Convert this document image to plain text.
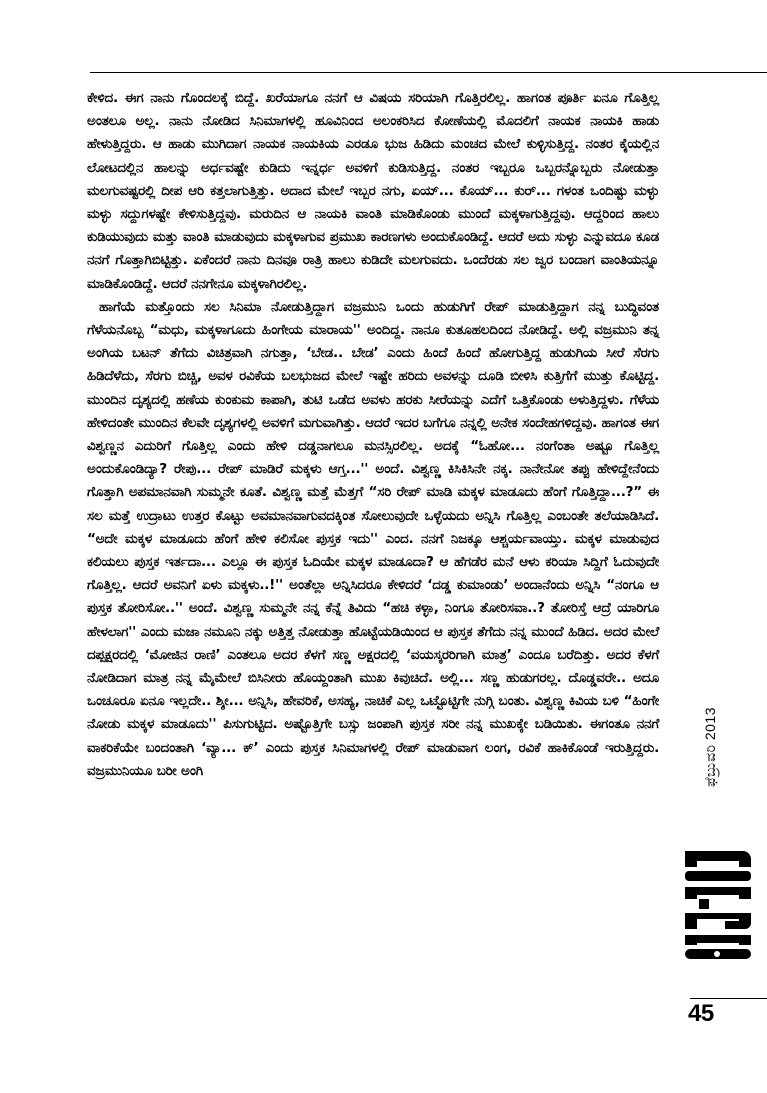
ಕೇಳಿದ. ಈಗ ನಾನು ಗೊಂದಲಕ್ಕೆ ಬಿದ್ದೆ. ಖರೆಯಾಗೂ ನನಗೆ ಆ ವಿಷಯ ಸರಿಯಾಗಿ ಗೊತ್ತಿರಲಿಲ್ಲ. ಹಾಗಂತ ಪೂರ್ತಿ ಏನೂ ಗೊತ್ತಿಲ್ಲ ಅಂತಲೂ ಅಲ್ಲ. ನಾನು ನೋಡಿದ ಸಿನಿಮಾಗಳಲ್ಲಿ ಹೂವಿನಿಂದ ಅಲಂಕರಿಸಿದ ಕೋಣೆಯಲ್ಲಿ ಮೊದಲಿಗೆ ನಾಯಕ ನಾಯಕಿ ಹಾಡು ಹೇಳುತ್ತಿದ್ದರು. ಆ ಹಾಡು ಮುಗಿದಾಗ ನಾಯಕ ನಾಯಕಿಯ ಎರಡೂ ಭುಜ ಹಿಡಿದು ಮಂಚದ ಮೇಲೆ ಕುಳ್ಳಿಸುತ್ತಿದ್ದ. ನಂತರ ಕೈಯಲ್ಲಿನ ಲೋಟದಲ್ಲಿನ ಹಾಲನ್ನು ಅರ್ಧವಷ್ಟೇ ಕುಡಿದು ಇನ್ನರ್ಧ ಅವಳಿಗೆ ಕುಡಿಸುತ್ತಿದ್ದ. ನಂತರ ಇಬ್ಬರೂ ಒಬ್ಬರನ್ನೊಬ್ಬರು ನೋಡುತ್ತಾ ಮಲಗುವಷ್ಟರಲ್ಲಿ ದೀಪ ಆರಿ ಕತ್ತಲಾಗುತ್ತಿತ್ತು. ಅದಾದ ಮೇಲೆ ಇಬ್ಬರ ನಗು, ಏಯ್... ಕೊಯ್... ಕುರ್... ಗಳಂತ ಒಂದಿಷ್ಟು ಮಳ್ಳು ಮಳ್ಳು ಸದ್ದುಗಳಷ್ಟೇ ಕೇಳಿಸುತ್ತಿದ್ದವು. ಮರುದಿನ ಆ ನಾಯಕಿ ವಾಂತಿ ಮಾಡಿಕೊಂಡು ಮುಂದೆ ಮಕ್ಕಳಾಗುತ್ತಿದ್ದವು. ಆದ್ದರಿಂದ ಹಾಲು ಕುಡಿಯುವುದು ಮತ್ತು ವಾಂತಿ ಮಾಡುವುದು ಮಕ್ಕಳಾಗುವ ಪ್ರಮುಖ ಕಾರಣಗಳು ಅಂದುಕೊಂಡಿದ್ದೆ. ಆದರೆ ಅದು ಸುಳ್ಳು ಎನ್ನುವದೂ ಕೂಡ ನನಗೆ ಗೊತ್ತಾಗಿಬಿಟ್ಟಿತ್ತು. ಏಕೆಂದರೆ ನಾನು ದಿನವೂ ರಾತ್ರಿ ಹಾಲು ಕುಡಿದೇ ಮಲಗುವದು. ಒಂದೆರಡು ಸಲ ಜ್ವರ ಬಂದಾಗ ವಾಂತಿಯನ್ನೂ ಮಾಡಿಕೊಂಡಿದ್ದೆ. ಆದರೆ ನನಗೇನೂ ಮಕ್ಕಳಾಗಿರಲಿಲ್ಲ.

ಹಾಗೆಯೆ ಮತ್ತೊಂದು ಸಲ ಸಿನಿಮಾ ನೋಡುತ್ತಿದ್ದಾಗ ವಜ್ರಮುನಿ ಒಂದು ಹುಡುಗಿಗೆ ರೇಪ್ ಮಾಡುತ್ತಿದ್ದಾಗ ನನ್ನ ಬುದ್ಧಿವಂತ ಗೆಳೆಯನೊಬ್ಬ “ಮಧು, ಮಕ್ಕಳಾಗೂದು ಹಿಂಗೇಯ ಮಾರಾಯ'' ಅಂದಿದ್ದ. ನಾನೂ ಕುತೂಹಲದಿಂದ ನೋಡಿದ್ದೆ. ಅಲ್ಲಿ ವಜ್ರಮುನಿ ತನ್ನ ಅಂಗಿಯ ಬಟನ್ ತೆಗೆದು ವಿಚಿತ್ರವಾಗಿ ನಗುತ್ತಾ, ‘ಬೇಡ.. ಬೇಡ’ ಎಂದು ಹಿಂದೆ ಹಿಂದೆ ಹೋಗುತ್ತಿದ್ದ ಹುಡುಗಿಯ ಸೀರೆ ಸೆರಗು ಹಿಡಿದೆಳೆದು, ಸೆರಗು ಬಿಚ್ಚಿ, ಅವಳ ರವಿಕೆಯ ಬಲಭುಜದ ಮೇಲೆ ಇಷ್ಟೇ ಹರಿದು ಅವಳನ್ನು ದೂಡಿ ಬೀಳಿಸಿ ಕುತ್ತಿಗೆಗೆ ಮುತ್ತು ಕೊಟ್ಟಿದ್ದ. ಮುಂದಿನ ದೃಶ್ಯದಲ್ಲಿ ಹಣೆಯ ಕುಂಕುಮ ಕಾಪಾಗಿ, ತುಟಿ ಒಡೆದ ಅವಳು ಹರಕು ಸೀರೆಯನ್ನು ಎದೆಗೆ ಒತ್ತಿಕೊಂಡು ಅಳುತ್ತಿದ್ದಳು. ಗೆಳೆಯ ಹೇಳಿದಂತೇ ಮುಂದಿನ ಕೆಲವೇ ದೃಶ್ಯಗಳಲ್ಲಿ ಅವಳಿಗೆ ಮಗುವಾಗಿತ್ತು. ಆದರೆ ಇದರ ಬಗೆಗೂ ನನ್ನಲ್ಲಿ ಅನೇಕ ಸಂದೇಹಗಳಿದ್ದವು. ಹಾಗಂತ ಈಗ ವಿಶ್ವಣ್ಣನ ಎದುರಿಗೆ ಗೊತ್ತಿಲ್ಲ ಎಂದು ಹೇಳಿ ದಡ್ಡನಾಗಲೂ ಮನಸ್ಸಿರಲಿಲ್ಲ. ಅದಕ್ಕೆ “ಓಹೋ... ನಂಗೆಂತಾ ಅಷ್ಟೂ ಗೊತ್ತಿಲ್ಲ ಅಂದುಕೊಂಡಿದ್ಯಾ? ರೇಪು... ರೇಪ್ ಮಾಡಿರೆ ಮಕ್ಕಳು ಆಗ್ತ...'' ಅಂದೆ. ವಿಶ್ವಣ್ಣ ಕಿಸಿಕಿಸಿನೇ ನಕ್ಕ. ನಾನೇನೋ ತಪ್ಪು ಹೇಳಿದ್ದೇನೆಂದು ಗೊತ್ತಾಗಿ ಅಪಮಾನವಾಗಿ ಸುಮ್ಮನೇ ಕೂತೆ. ವಿಶ್ವಣ್ಣ ಮತ್ತೆ ಮೆತ್ತಗೆ “ಸರಿ ರೇಪ್ ಮಾಡಿ ಮಕ್ಕಳ ಮಾಡೂದು ಹೆಂಗೆ ಗೊತ್ತಿದ್ದಾ...?” ಈ ಸಲ ಮತ್ತೆ ಉದ್ರಾಟು ಉತ್ತರ ಕೊಟ್ಟು ಅವಮಾನವಾಗುವದಕ್ಕಿಂತ ಸೋಲುವುದೇ ಒಳ್ಳೆಯದು ಅನ್ನಿಸಿ ಗೊತ್ತಿಲ್ಲ ಎಂಬಂತೇ ತಲೆಯಾಡಿಸಿದೆ. “ಅದೇ ಮಕ್ಕಳ ಮಾಡೂದು ಹೆಂಗೆ ಹೇಳಿ ಕಲಿಸೋ ಪುಸ್ತಕ ಇದು'' ಎಂದ. ನನಗೆ ನಿಜಕ್ಕೂ ಆಶ್ಚರ್ಯವಾಯ್ತು. ಮಕ್ಕಳ ಮಾಡುವುದ ಕಲಿಯಲು ಪುಸ್ತಕ ಇರ್ತದಾ... ಎಲ್ಲೂ ಈ ಪುಸ್ತಕ ಓದಿಯೇ ಮಕ್ಕಳ ಮಾಡೂದಾ? ಆ ಹೆಗಡೆರ ಮನೆ ಆಳು ಕರಿಯಾ ಸಿದ್ದಿಗೆ ಓದುವುದೇ ಗೊತ್ತಿಲ್ಲ. ಆದರೆ ಅವನಿಗೆ ಏಳು ಮಕ್ಕಳು..!'' ಅಂತೆಲ್ಲಾ ಅನ್ನಿಸಿದರೂ ಕೇಳಿದರೆ ‘ದಡ್ಡ ಕುಮಾಂಡು’ ಅಂದಾನೆಂದು ಅನ್ನಿಸಿ “ನಂಗೂ ಆ ಪುಸ್ತಕ ತೋರಿಸೋ..'' ಅಂದೆ. ವಿಶ್ವಣ್ಣ ಸುಮ್ಮನೇ ನನ್ನ ಕೆನ್ನೆ ತಿವಿದು “ಹಚಿ ಕಳ್ಳಾ, ನಿಂಗೂ ತೋರಿಸವಾ..? ತೋರಿಸ್ತೆ ಆದ್ರೆ ಯಾರಿಗೂ ಹೇಳಲಾಗ'' ಎಂದು ಮಜಾ ನಮೂನಿ ನಕ್ಕು ಅತ್ತಿತ್ತ ನೋಡುತ್ತಾ ಹೊಟ್ಟೆಯಡಿಯಿಂದ ಆ ಪುಸ್ತಕ ತೆಗೆದು ನನ್ನ ಮುಂದೆ ಹಿಡಿದ. ಅದರ ಮೇಲೆ ದಪ್ಪಕ್ಷರದಲ್ಲಿ ‘ಮೋಜಿನ ರಾಣಿ’ ಎಂತಲೂ ಅದರ ಕೆಳಗೆ ಸಣ್ಣ ಅಕ್ಷರದಲ್ಲಿ ‘ವಯಸ್ಕರರಿಗಾಗಿ ಮಾತ್ರ’ ಎಂದೂ ಬರೆದಿತ್ತು. ಅದರ ಕೆಳಗೆ ನೋಡಿದಾಗ ಮಾತ್ರ ನನ್ನ ಮೈಮೇಲೆ ಬಿಸಿನೀರು ಹೊಯ್ದಂತಾಗಿ ಮುಖ ಕಿವುಚಿದೆ. ಅಲ್ಲಿ... ಸಣ್ಣ ಹುಡುಗರಲ್ಲ. ದೊಡ್ಡವರೇ.. ಅದೂ ಒಂಚೂರೂ ಏನೂ ಇಲ್ಲದೇ.. ಶ್ಶೀ... ಅನ್ನಿಸಿ, ಹೇವರಿಕೆ, ಅಸಹ್ಯ, ನಾಚಿಕೆ ಎಲ್ಲ ಒಟ್ಟೊಟ್ಟಿಗೇ ನುಗ್ಗಿ ಬಂತು. ವಿಶ್ವಣ್ಣ ಕಿವಿಯ ಬಳಿ “ಹಿಂಗೇ ನೋಡು ಮಕ್ಕಳ ಮಾಡೂದು'' ಪಿಸುಗುಟ್ಟಿದ. ಅಷ್ಟೊತ್ತಿಗೇ ಬಸ್ಸು ಜಂಪಾಗಿ ಪುಸ್ತಕ ಸರೀ ನನ್ನ ಮುಖಕ್ಕೇ ಬಡಿಯಿತು. ಈಗಂತೂ ನನಗೆ ವಾಕರಿಕೆಯೇ ಬಂದಂತಾಗಿ ‘ವ್ಯಾ... ಕ್’ ಎಂದು ಪುಸ್ತಕ ಸಿನಿಮಾಗಳಲ್ಲಿ ರೇಪ್ ಮಾಡುವಾಗ ಲಂಗ, ರವಿಕೆ ಹಾಕಿಕೊಂಡೆ ಇರುತ್ತಿದ್ದರು. ವಜ್ರಮುನಿಯೂ ಬರೀ ಅಂಗಿ	ಫೆಬ್ರುವರಿ 2013
45
